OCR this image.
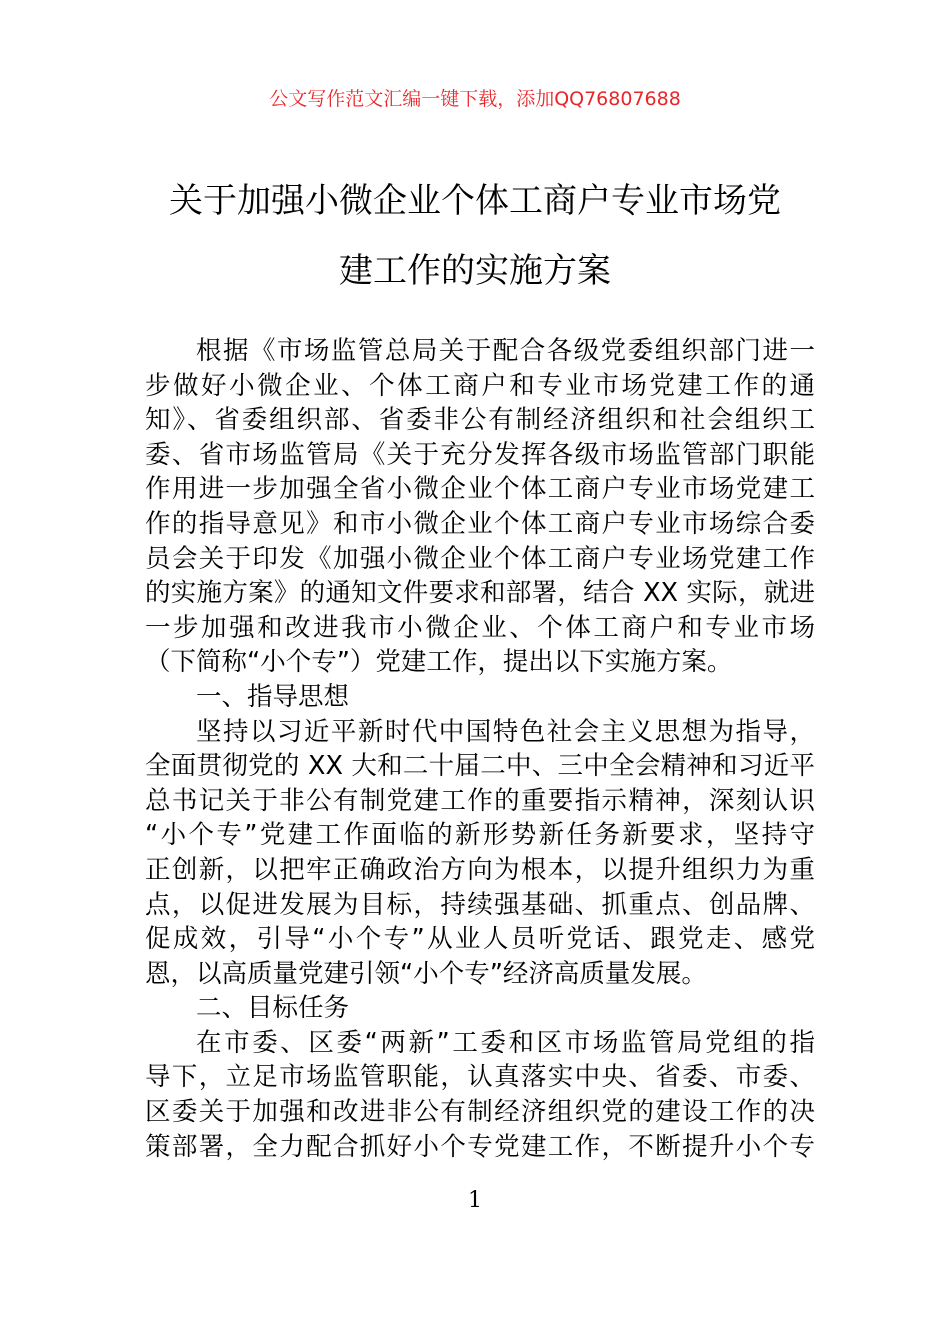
公文写作范文汇编一键下载，添加QQ76807688
关于加强小微企业个体工商户专业市场党
建工作的实施方案
根据《市场监管总局关于配合各级党委组织部门进一
步做好小微企业、个体工商户和专业市场党建工作的通
知》、省委组织部、省委非公有制经济组织和社会组织工
委、省市场监管局《关于充分发挥各级市场监管部门职能
作用进一步加强全省小微企业个体工商户专业市场党建工
作的指导意见》和市小微企业个体工商户专业市场综合委
员会关于印发《加强小微企业个体工商户专业场党建工作
的实施方案》的通知文件要求和部署，结合 XX 实际，就进
一步加强和改进我市小微企业、个体工商户和专业市场
（下简称“小个专”）党建工作，提出以下实施方案。
一、指导思想
坚持以习近平新时代中国特色社会主义思想为指导，
全面贯彻党的 XX 大和二十届二中、三中全会精神和习近平
总书记关于非公有制党建工作的重要指示精神，深刻认识
“小个专”党建工作面临的新形势新任务新要求，坚持守
正创新，以把牢正确政治方向为根本，以提升组织力为重
点，以促进发展为目标，持续强基础、抓重点、创品牌、
促成效，引导“小个专”从业人员听党话、跟党走、感党
恩，以高质量党建引领“小个专”经济高质量发展。
二、目标任务
在市委、区委“两新”工委和区市场监管局党组的指
导下，立足市场监管职能，认真落实中央、省委、市委、
区委关于加强和改进非公有制经济组织党的建设工作的决
策部署，全力配合抓好小个专党建工作，不断提升小个专
1
